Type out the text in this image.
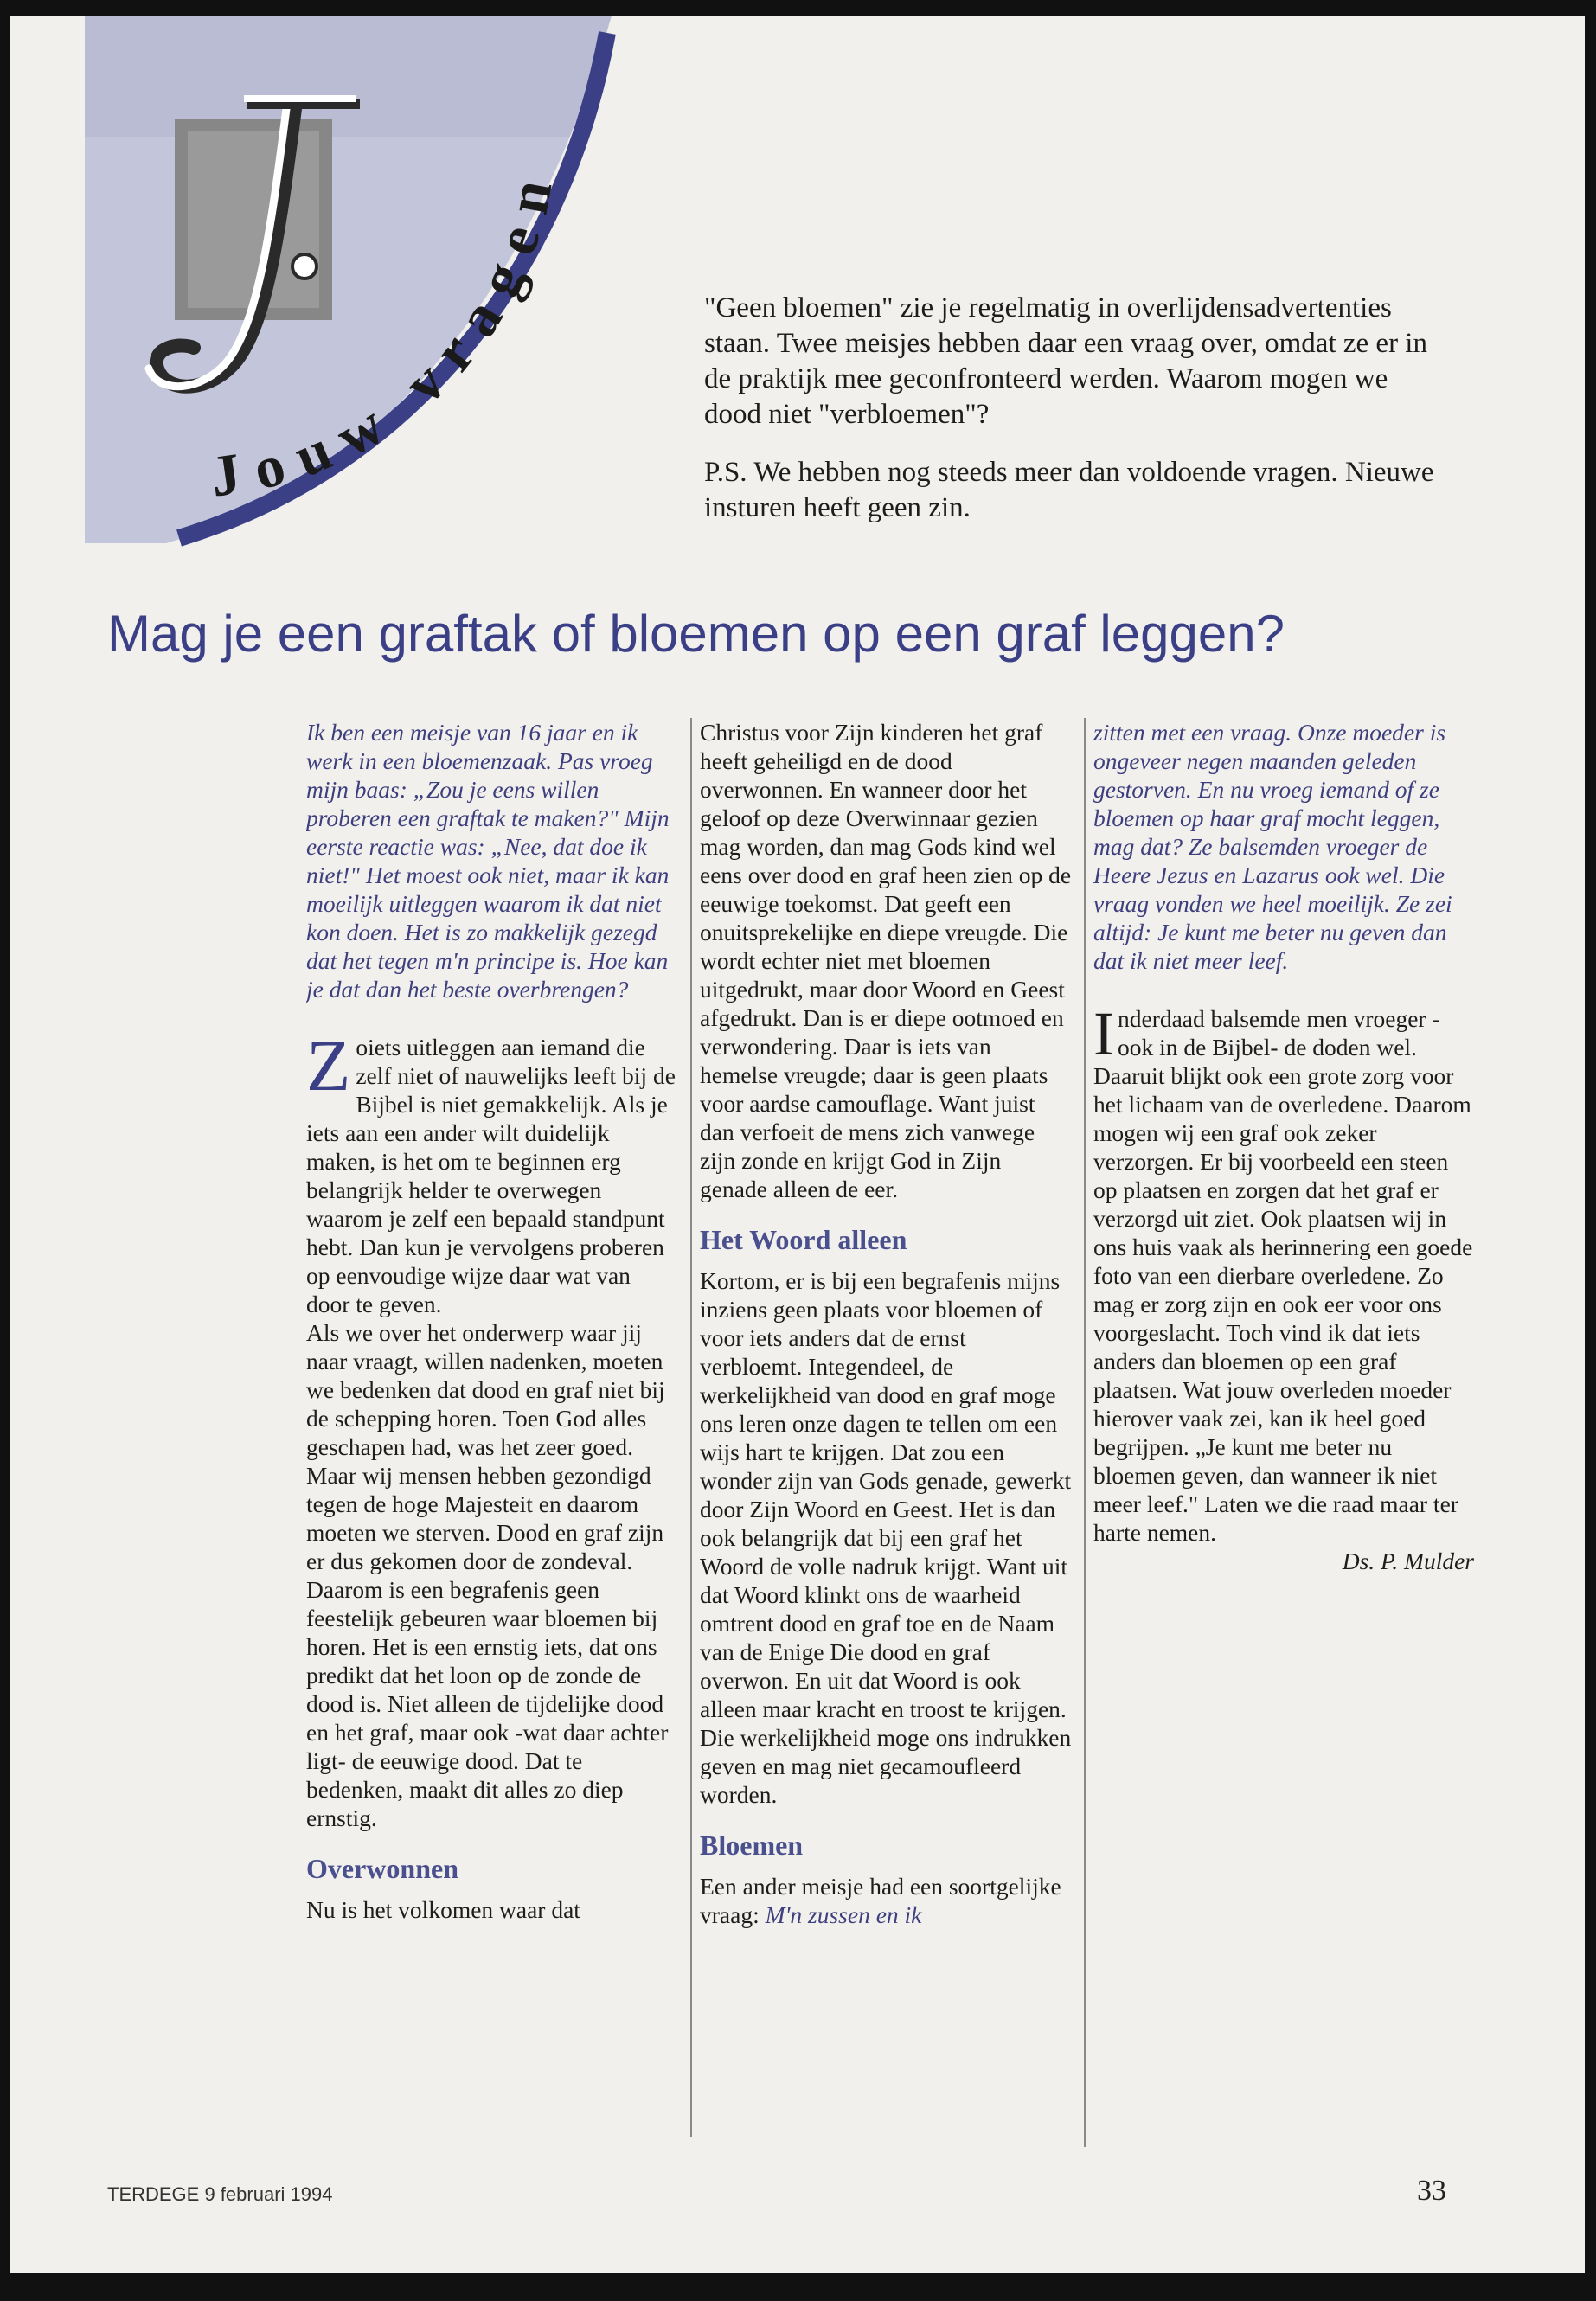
Jouw vragen

"Geen bloemen" zie je regelmatig in overlijdensadvertenties staan. Twee meisjes hebben daar een vraag over, omdat ze er in de praktijk mee geconfronteerd werden. Waarom mogen we dood niet "verbloemen"?

P.S. We hebben nog steeds meer dan voldoende vragen. Nieuwe insturen heeft geen zin.

Mag je een graftak of bloemen op een graf leggen?

Ik ben een meisje van 16 jaar en ik werk in een bloemenzaak. Pas vroeg mijn baas: „Zou je eens willen proberen een graftak te maken?" Mijn eerste reactie was: „Nee, dat doe ik niet!" Het moest ook niet, maar ik kan moeilijk uitleggen waarom ik dat niet kon doen. Het is zo makkelijk gezegd dat het tegen m'n principe is. Hoe kan je dat dan het beste overbrengen?

Zoiets uitleggen aan iemand die zelf niet of nauwelijks leeft bij de Bijbel is niet gemakkelijk. Als je iets aan een ander wilt duidelijk maken, is het om te beginnen erg belangrijk helder te overwegen waarom je zelf een bepaald standpunt hebt. Dan kun je vervolgens proberen op eenvoudige wijze daar wat van door te geven.

Als we over het onderwerp waar jij naar vraagt, willen nadenken, moeten we bedenken dat dood en graf niet bij de schepping horen. Toen God alles geschapen had, was het zeer goed. Maar wij mensen hebben gezondigd tegen de hoge Majesteit en daarom moeten we sterven. Dood en graf zijn er dus gekomen door de zondeval. Daarom is een begrafenis geen feestelijk gebeuren waar bloemen bij horen. Het is een ernstig iets, dat ons predikt dat het loon op de zonde de dood is. Niet alleen de tijdelijke dood en het graf, maar ook -wat daar achter ligt- de eeuwige dood. Dat te bedenken, maakt dit alles zo diep ernstig.

Overwonnen

Nu is het volkomen waar dat

Christus voor Zijn kinderen het graf heeft geheiligd en de dood overwonnen. En wanneer door het geloof op deze Overwinnaar gezien mag worden, dan mag Gods kind wel eens over dood en graf heen zien op de eeuwige toekomst. Dat geeft een onuitsprekelijke en diepe vreugde. Die wordt echter niet met bloemen uitgedrukt, maar door Woord en Geest afgedrukt. Dan is er diepe ootmoed en verwondering. Daar is iets van hemelse vreugde; daar is geen plaats voor aardse camouflage. Want juist dan verfoeit de mens zich vanwege zijn zonde en krijgt God in Zijn genade alleen de eer.

Het Woord alleen

Kortom, er is bij een begrafenis mijns inziens geen plaats voor bloemen of voor iets anders dat de ernst verbloemt. Integendeel, de werkelijkheid van dood en graf moge ons leren onze dagen te tellen om een wijs hart te krijgen. Dat zou een wonder zijn van Gods genade, gewerkt door Zijn Woord en Geest. Het is dan ook belangrijk dat bij een graf het Woord de volle nadruk krijgt. Want uit dat Woord klinkt ons de waarheid omtrent dood en graf toe en de Naam van de Enige Die dood en graf overwon. En uit dat Woord is ook alleen maar kracht en troost te krijgen. Die werkelijkheid moge ons indrukken geven en mag niet gecamoufleerd worden.

Bloemen

Een ander meisje had een soortgelijke vraag: M'n zussen en ik

zitten met een vraag. Onze moeder is ongeveer negen maanden geleden gestorven. En nu vroeg iemand of ze bloemen op haar graf mocht leggen, mag dat? Ze balsemden vroeger de Heere Jezus en Lazarus ook wel. Die vraag vonden we heel moeilijk. Ze zei altijd: Je kunt me beter nu geven dan dat ik niet meer leef.

Inderdaad balsemde men vroeger -ook in de Bijbel- de doden wel. Daaruit blijkt ook een grote zorg voor het lichaam van de overledene. Daarom mogen wij een graf ook zeker verzorgen. Er bij voorbeeld een steen op plaatsen en zorgen dat het graf er verzorgd uit ziet. Ook plaatsen wij in ons huis vaak als herinnering een goede foto van een dierbare overledene. Zo mag er zorg zijn en ook eer voor ons voorgeslacht. Toch vind ik dat iets anders dan bloemen op een graf plaatsen. Wat jouw overleden moeder hierover vaak zei, kan ik heel goed begrijpen. „Je kunt me beter nu bloemen geven, dan wanneer ik niet meer leef." Laten we die raad maar ter harte nemen.

Ds. P. Mulder

TERDEGE 9 februari 1994	33
